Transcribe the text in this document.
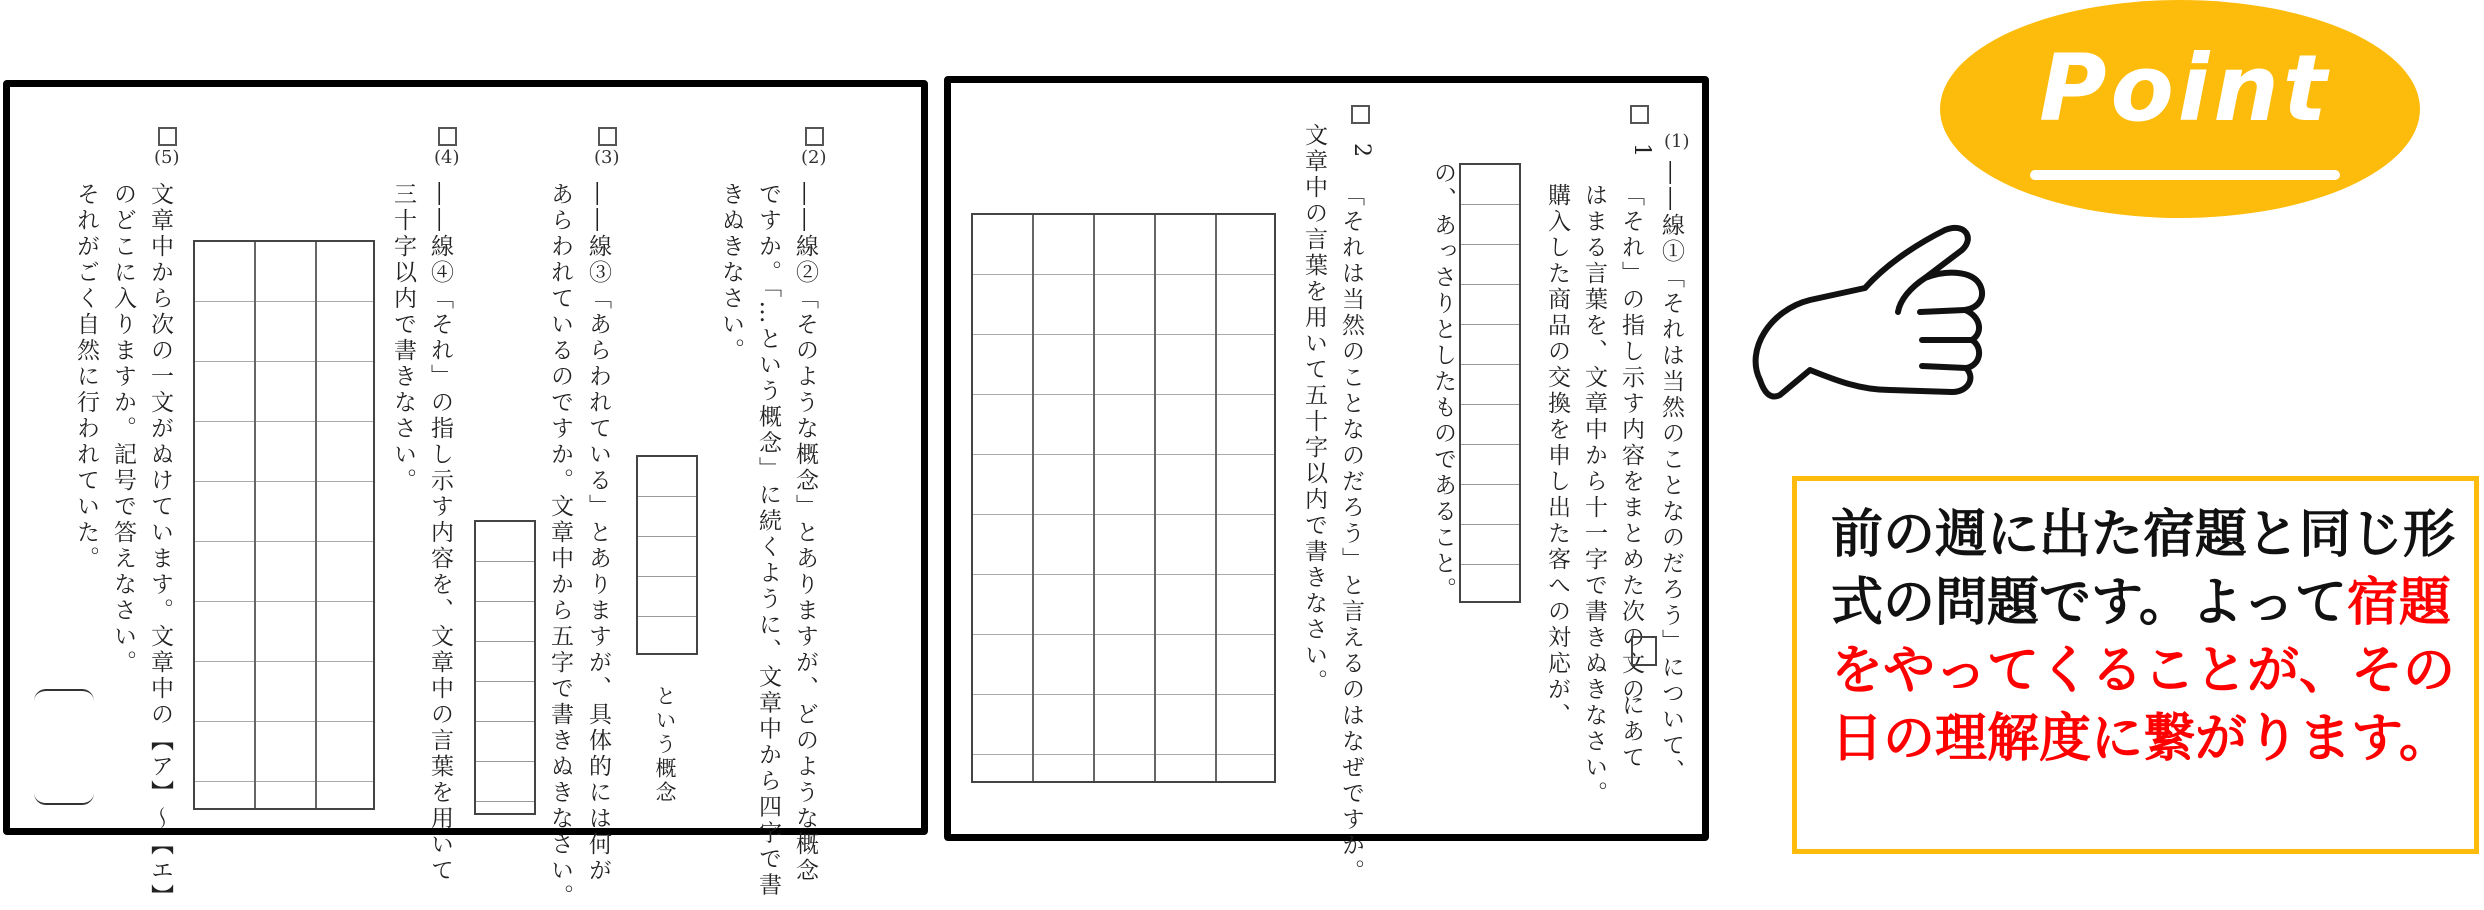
(2)
――線②「そのような概念」とありますが、どのような概念
ですか。「…という概念」に続くように、文章中から四字で書
きぬきなさい。
という概念
(3)
――線③「あらわれている」とありますが、具体的には何が
あらわれているのですか。文章中から五字で書きぬきなさい。
(4)
――線④「それ」の指し示す内容を、文章中の言葉を用いて
三十字以内で書きなさい。
(5)
文章中から次の一文がぬけています。文章中の【ア】～【エ】
のどこに入りますか。記号で答えなさい。
それがごく自然に行われていた。
(1)
――線①「それは当然のことなのだろう」について、
1
「それ」の指し示す内容をまとめた次の文の
にあて
はまる言葉を、文章中から十一字で書きぬきなさい。
購入した商品の交換を申し出た客への対応が、
の、あっさりとしたものであること。
2
「それは当然のことなのだろう」と言えるのはなぜですか。
文章中の言葉を用いて五十字以内で書きなさい。
Point
前の週に出た宿題と同じ形式の問題です。よって宿題をやってくることが、その日の理解度に繋がります。
